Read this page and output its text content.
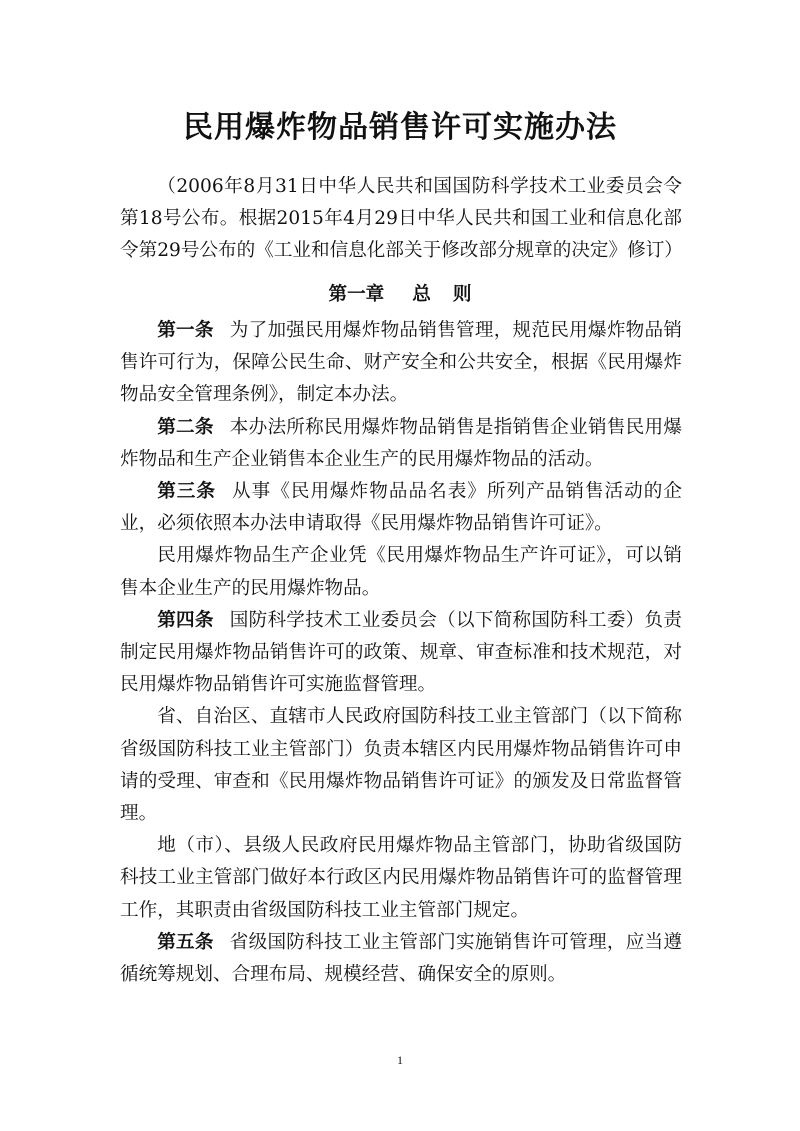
民用爆炸物品销售许可实施办法

（2006年8月31日中华人民共和国国防科学技术工业委员会令第18号公布。根据2015年4月29日中华人民共和国工业和信息化部令第29号公布的《工业和信息化部关于修改部分规章的决定》修订）

第一章 总 则

第一条 为了加强民用爆炸物品销售管理，规范民用爆炸物品销售许可行为，保障公民生命、财产安全和公共安全，根据《民用爆炸物品安全管理条例》，制定本办法。

第二条 本办法所称民用爆炸物品销售是指销售企业销售民用爆炸物品和生产企业销售本企业生产的民用爆炸物品的活动。

第三条 从事《民用爆炸物品品名表》所列产品销售活动的企业，必须依照本办法申请取得《民用爆炸物品销售许可证》。

民用爆炸物品生产企业凭《民用爆炸物品生产许可证》，可以销售本企业生产的民用爆炸物品。

第四条 国防科学技术工业委员会（以下简称国防科工委）负责制定民用爆炸物品销售许可的政策、规章、审查标准和技术规范，对民用爆炸物品销售许可实施监督管理。

省、自治区、直辖市人民政府国防科技工业主管部门（以下简称省级国防科技工业主管部门）负责本辖区内民用爆炸物品销售许可申请的受理、审查和《民用爆炸物品销售许可证》的颁发及日常监督管理。

地（市）、县级人民政府民用爆炸物品主管部门，协助省级国防科技工业主管部门做好本行政区内民用爆炸物品销售许可的监督管理工作，其职责由省级国防科技工业主管部门规定。

第五条 省级国防科技工业主管部门实施销售许可管理，应当遵循统筹规划、合理布局、规模经营、确保安全的原则。

1
